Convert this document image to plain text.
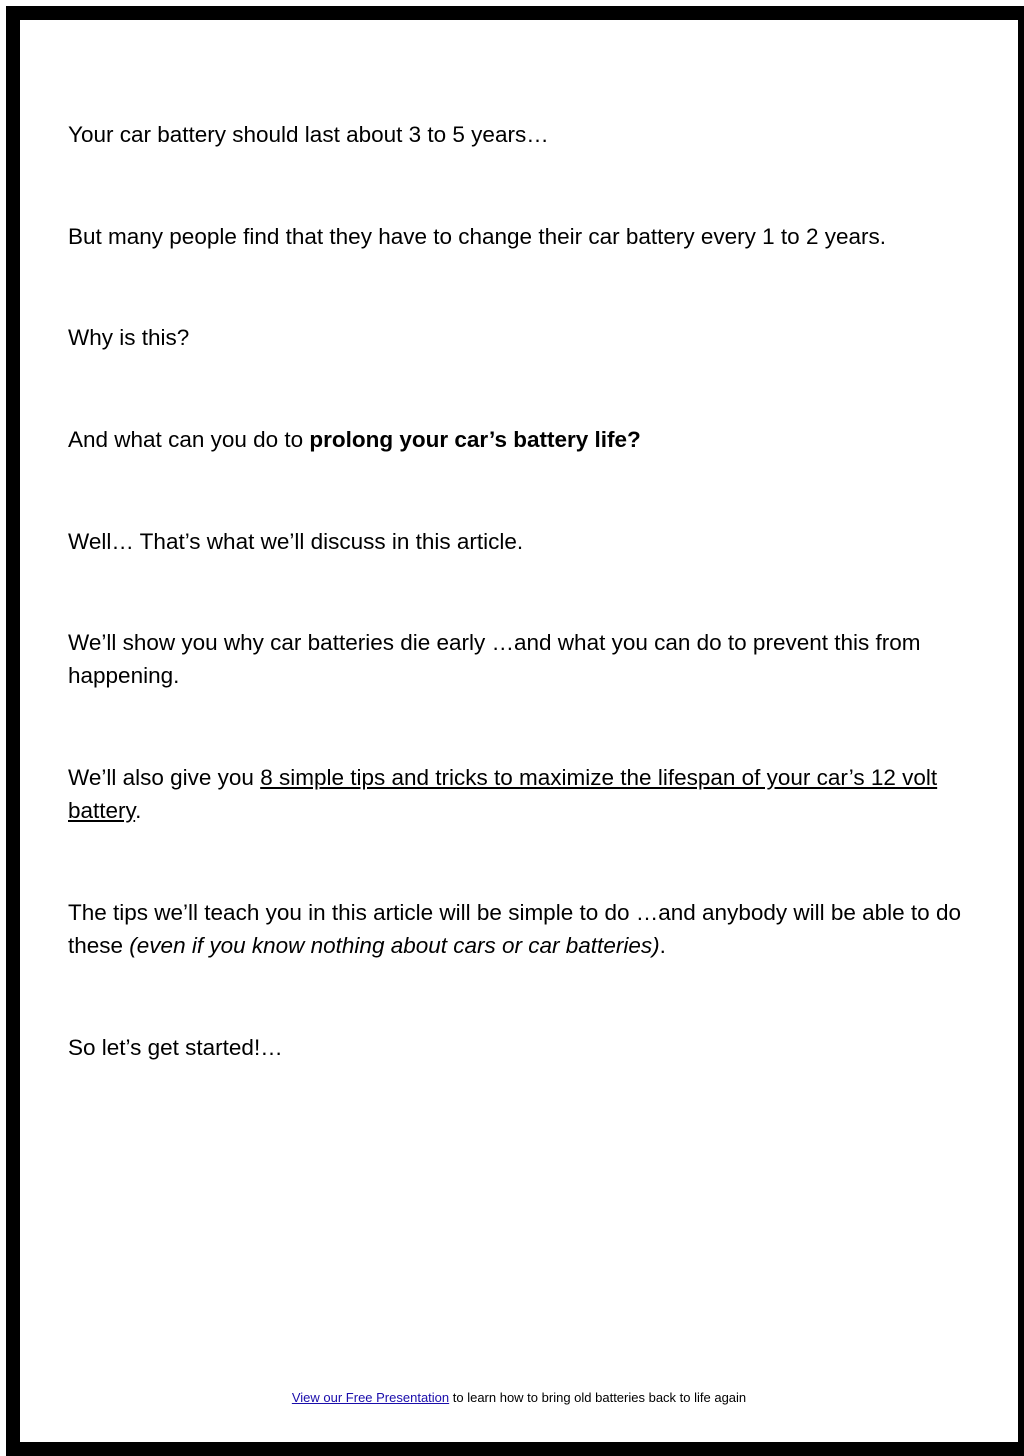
Your car battery should last about 3 to 5 years…

But many people find that they have to change their car battery every 1 to 2 years.

Why is this?

And what can you do to prolong your car’s battery life?

Well… That’s what we’ll discuss in this article.

We’ll show you why car batteries die early …and what you can do to prevent this from happening.

We’ll also give you 8 simple tips and tricks to maximize the lifespan of your car’s 12 volt battery.

The tips we’ll teach you in this article will be simple to do …and anybody will be able to do these (even if you know nothing about cars or car batteries).

So let’s get started!…

View our Free Presentation to learn how to bring old batteries back to life again
